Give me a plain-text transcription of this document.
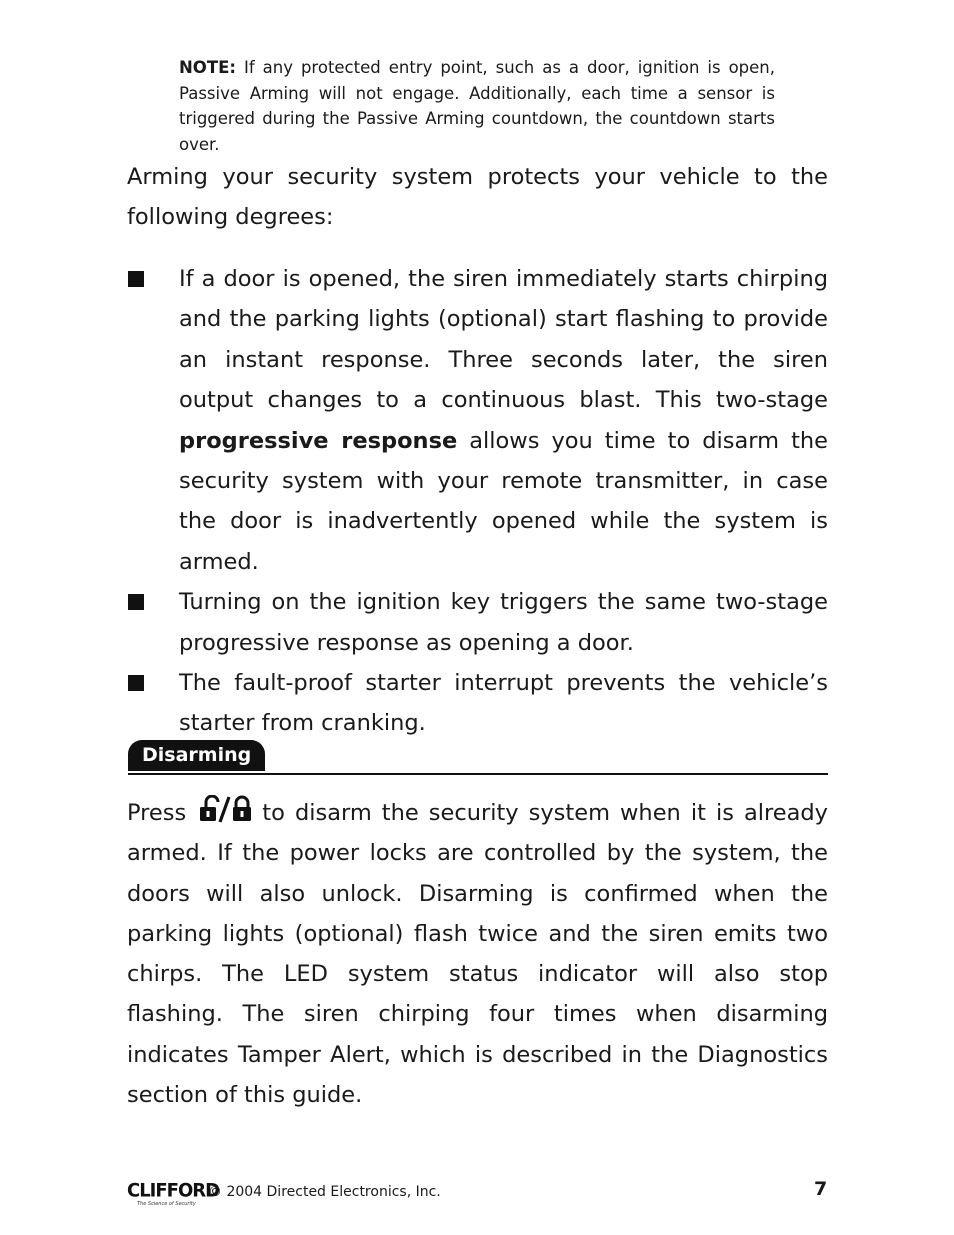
NOTE: If any protected entry point, such as a door, ignition is open, Passive Arming will not engage. Additionally, each time a sensor is triggered during the Passive Arming countdown, the countdown starts over.
Arming your security system protects your vehicle to the following degrees:
If a door is opened, the siren immediately starts chirping and the parking lights (optional) start flashing to provide an instant response. Three seconds later, the siren output changes to a continuous blast. This two-stage progressive response allows you time to disarm the security system with your remote transmitter, in case the door is inadvertently opened while the system is armed.
Turning on the ignition key triggers the same two-stage progressive response as opening a door.
The fault-proof starter interrupt prevents the vehicle’s starter from cranking.
Disarming
Press  to disarm the security system when it is already armed. If the power locks are controlled by the system, the doors will also unlock. Disarming is confirmed when the parking lights (optional) flash twice and the siren emits two chirps. The LED system status indicator will also stop flashing. The siren chirping four times when disarming indicates Tamper Alert, which is described in the Diagnostics section of this guide.
CLIFFORD
The Science of Security
© 2004 Directed Electronics, Inc.	7
